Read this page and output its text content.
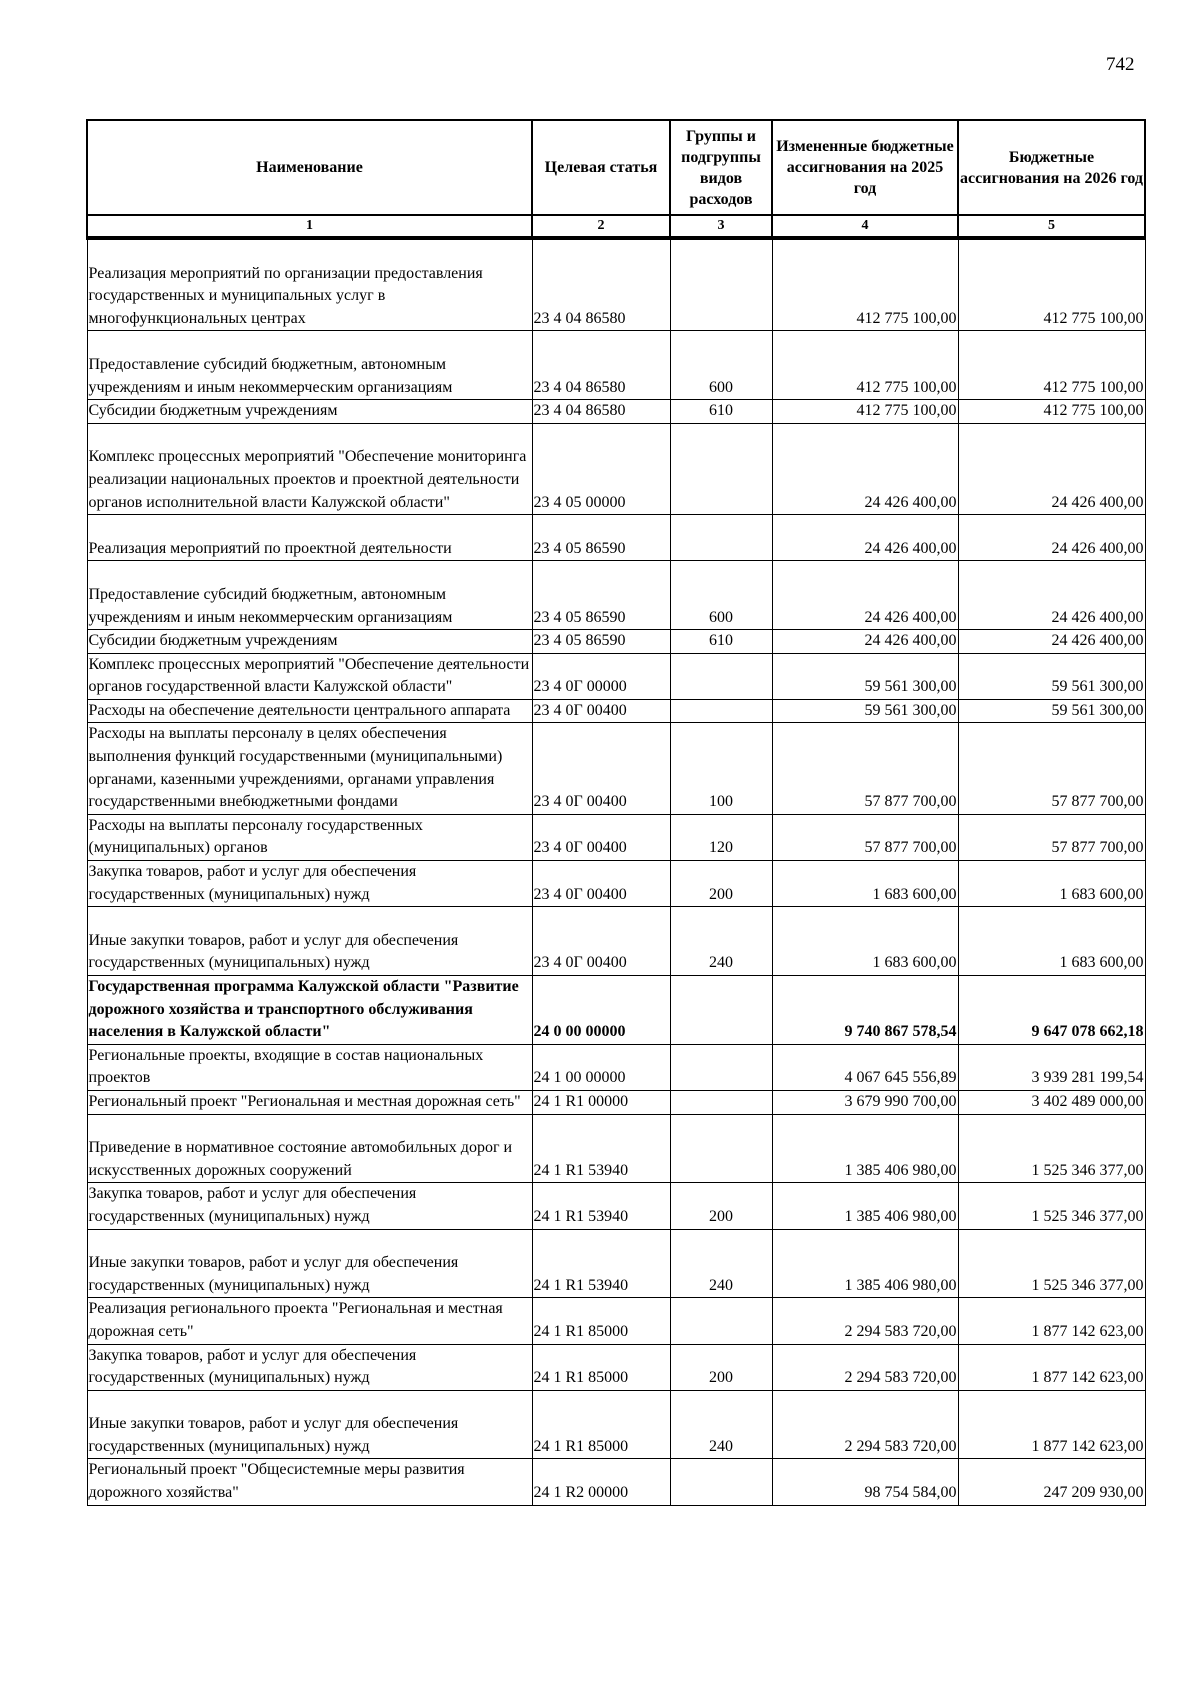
742
Наименование	Целевая статья	Группы и подгруппы видов расходов	Измененные бюджетные ассигнования на 2025 год	Бюджетные ассигнования на 2026 год
1	2	3	4	5

Реализация мероприятий по организации предоставления государственных и муниципальных услуг в многофункциональных центрах	23 4 04 86580		412 775 100,00	412 775 100,00

Предоставление субсидий бюджетным, автономным учреждениям и иным некоммерческим организациям	23 4 04 86580	600	412 775 100,00	412 775 100,00
Субсидии бюджетным учреждениям	23 4 04 86580	610	412 775 100,00	412 775 100,00

Комплекс процессных мероприятий "Обеспечение мониторинга реализации национальных проектов и проектной деятельности органов исполнительной власти Калужской области"	23 4 05 00000		24 426 400,00	24 426 400,00

Реализация мероприятий по проектной деятельности	23 4 05 86590		24 426 400,00	24 426 400,00

Предоставление субсидий бюджетным, автономным учреждениям и иным некоммерческим организациям	23 4 05 86590	600	24 426 400,00	24 426 400,00
Субсидии бюджетным учреждениям	23 4 05 86590	610	24 426 400,00	24 426 400,00
Комплекс процессных мероприятий "Обеспечение деятельности органов государственной власти Калужской области"	23 4 0Г 00000		59 561 300,00	59 561 300,00
Расходы на обеспечение деятельности центрального аппарата	23 4 0Г 00400		59 561 300,00	59 561 300,00
Расходы на выплаты персоналу в целях обеспечения выполнения функций государственными (муниципальными) органами, казенными учреждениями, органами управления государственными внебюджетными фондами	23 4 0Г 00400	100	57 877 700,00	57 877 700,00
Расходы на выплаты персоналу государственных (муниципальных) органов	23 4 0Г 00400	120	57 877 700,00	57 877 700,00
Закупка товаров, работ и услуг для обеспечения государственных (муниципальных) нужд	23 4 0Г 00400	200	1 683 600,00	1 683 600,00

Иные закупки товаров, работ и услуг для обеспечения государственных (муниципальных) нужд	23 4 0Г 00400	240	1 683 600,00	1 683 600,00
Государственная программа Калужской области "Развитие дорожного хозяйства и транспортного обслуживания населения в Калужской области"	24 0 00 00000		9 740 867 578,54	9 647 078 662,18
Региональные проекты, входящие в состав национальных проектов	24 1 00 00000		4 067 645 556,89	3 939 281 199,54
Региональный проект "Региональная и местная дорожная сеть"	24 1 R1 00000		3 679 990 700,00	3 402 489 000,00

Приведение в нормативное состояние автомобильных дорог и искусственных дорожных сооружений	24 1 R1 53940		1 385 406 980,00	1 525 346 377,00
Закупка товаров, работ и услуг для обеспечения государственных (муниципальных) нужд	24 1 R1 53940	200	1 385 406 980,00	1 525 346 377,00

Иные закупки товаров, работ и услуг для обеспечения государственных (муниципальных) нужд	24 1 R1 53940	240	1 385 406 980,00	1 525 346 377,00
Реализация регионального проекта "Региональная и местная дорожная сеть"	24 1 R1 85000		2 294 583 720,00	1 877 142 623,00
Закупка товаров, работ и услуг для обеспечения государственных (муниципальных) нужд	24 1 R1 85000	200	2 294 583 720,00	1 877 142 623,00

Иные закупки товаров, работ и услуг для обеспечения государственных (муниципальных) нужд	24 1 R1 85000	240	2 294 583 720,00	1 877 142 623,00
Региональный проект "Общесистемные меры развития дорожного хозяйства"	24 1 R2 00000		98 754 584,00	247 209 930,00
